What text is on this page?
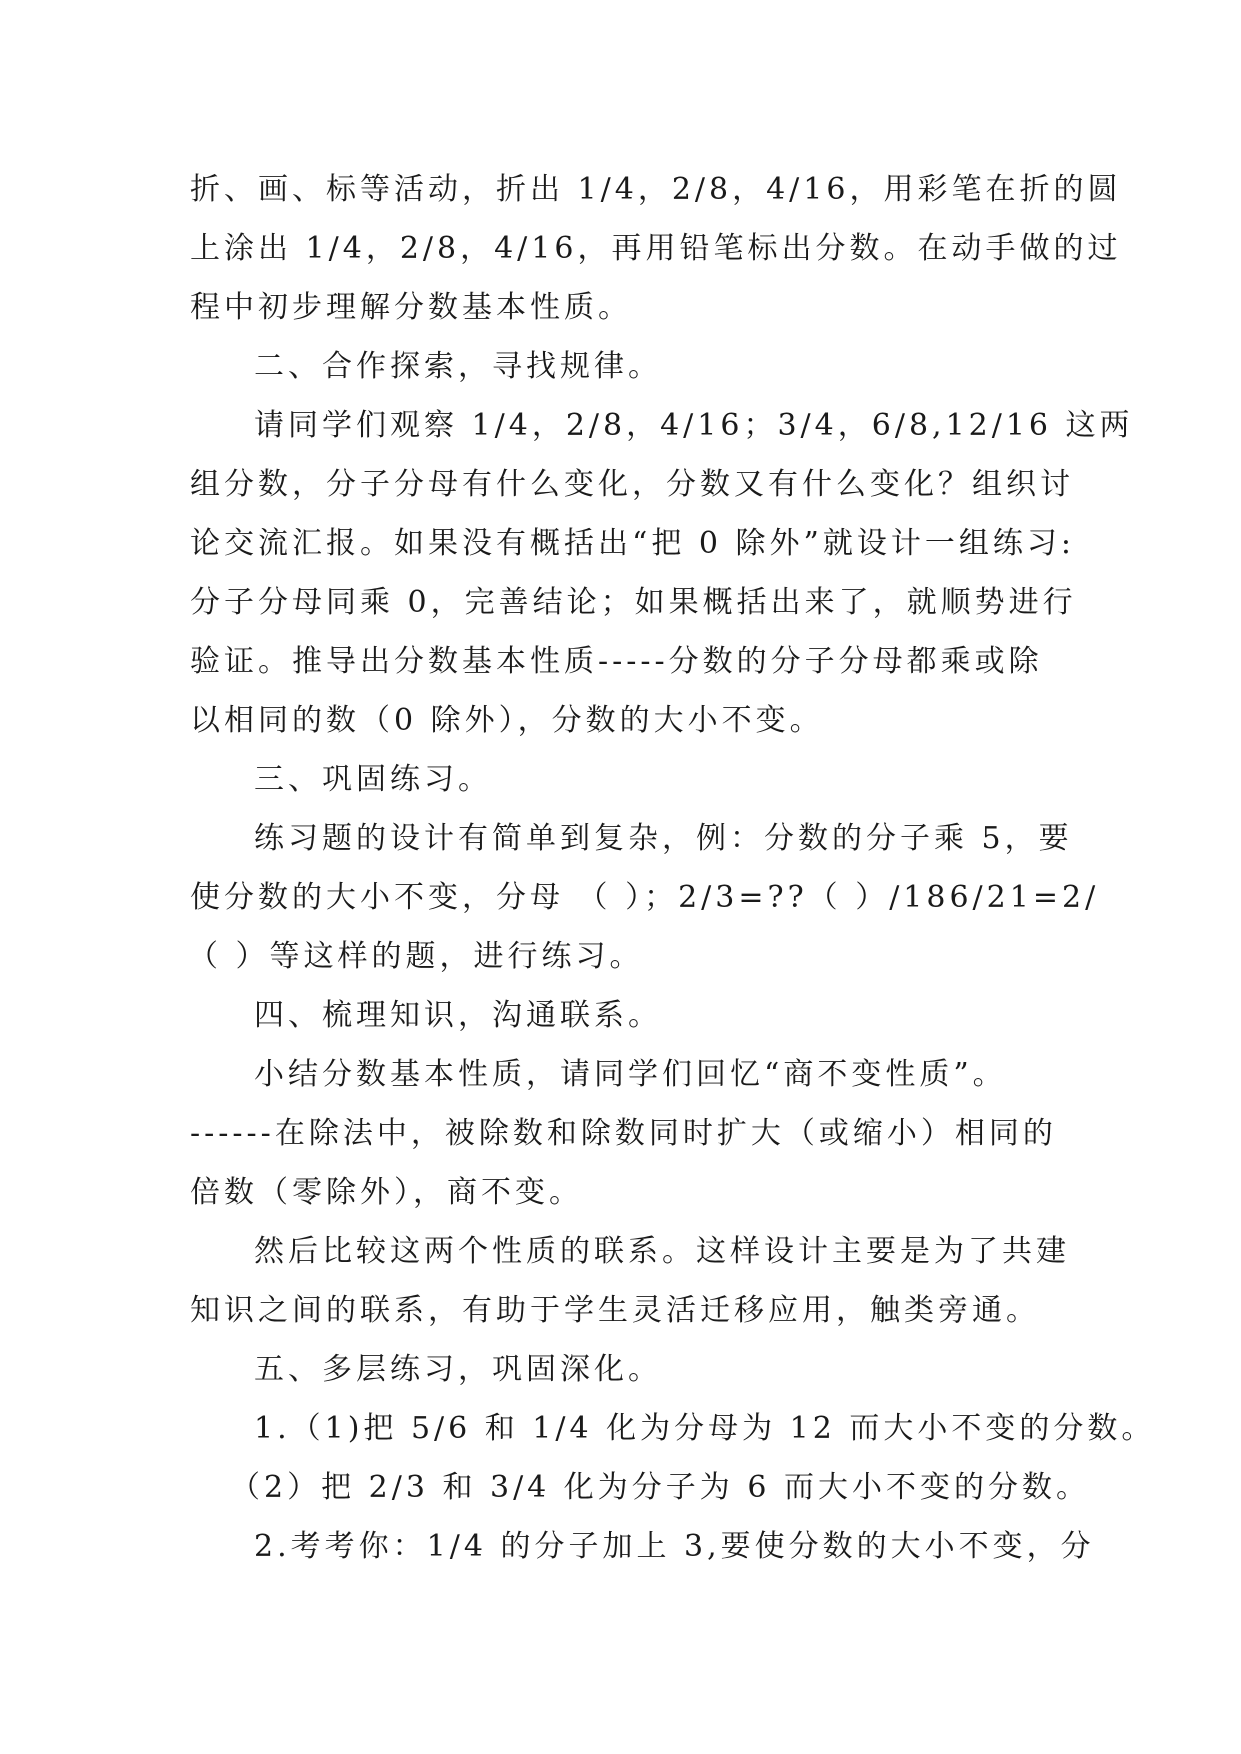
折、画、标等活动，折出 1/4，2/8，4/16，用彩笔在折的圆
上涂出 1/4，2/8，4/16，再用铅笔标出分数。在动手做的过
程中初步理解分数基本性质。
二、合作探索，寻找规律。
请同学们观察 1/4，2/8，4/16；3/4，6/8,12/16 这两
组分数，分子分母有什么变化，分数又有什么变化？组织讨
论交流汇报。如果没有概括出“把 0 除外”就设计一组练习:
分子分母同乘 0，完善结论；如果概括出来了，就顺势进行
验证。推导出分数基本性质-----分数的分子分母都乘或除
以相同的数（0 除外），分数的大小不变。
三、巩固练习。
练习题的设计有简单到复杂，例：分数的分子乘 5，要
使分数的大小不变，分母 （ ）；2/3=??（ ）/186/21=2/
（ ）等这样的题，进行练习。
四、梳理知识，沟通联系。
小结分数基本性质，请同学们回忆“商不变性质”。
------在除法中，被除数和除数同时扩大（或缩小）相同的
倍数（零除外），商不变。
然后比较这两个性质的联系。这样设计主要是为了共建
知识之间的联系，有助于学生灵活迁移应用，触类旁通。
五、多层练习，巩固深化。
1.（1)把 5/6 和 1/4 化为分母为 12 而大小不变的分数。
（2）把 2/3 和 3/4 化为分子为 6 而大小不变的分数。
2.考考你：1/4 的分子加上 3,要使分数的大小不变，分
